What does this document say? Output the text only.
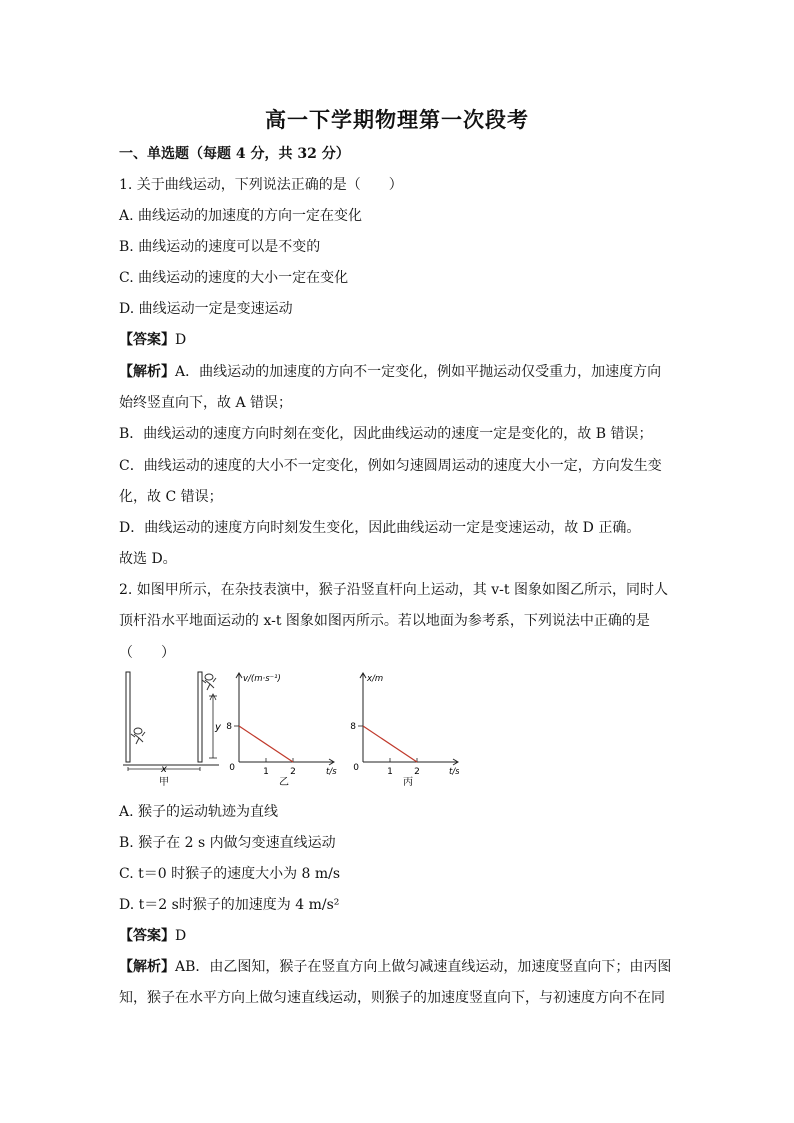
高一下学期物理第一次段考
一、单选题（每题 4 分，共 32 分）
1. 关于曲线运动，下列说法正确的是（　　）
A. 曲线运动的加速度的方向一定在变化
B. 曲线运动的速度可以是不变的
C. 曲线运动的速度的大小一定在变化
D. 曲线运动一定是变速运动
【答案】D
【解析】A．曲线运动的加速度的方向不一定变化，例如平抛运动仅受重力，加速度方向
始终竖直向下，故 A 错误；
B．曲线运动的速度方向时刻在变化，因此曲线运动的速度一定是变化的，故 B 错误；
C．曲线运动的速度的大小不一定变化，例如匀速圆周运动的速度大小一定，方向发生变
化，故 C 错误；
D．曲线运动的速度方向时刻发生变化，因此曲线运动一定是变速运动，故 D 正确。
故选 D。
2. 如图甲所示，在杂技表演中，猴子沿竖直杆向上运动，其 v-t 图象如图乙所示，同时人
顶杆沿水平地面运动的 x-t 图象如图丙所示。若以地面为参考系，下列说法中正确的是
（　　）
y
x
甲
8
0	1 2
v/(m·s⁻¹)
t/s
乙
8
0	1 2
x/m
t/s
丙
A. 猴子的运动轨迹为直线
B. 猴子在 2 s 内做匀变速直线运动
C. t＝0 时猴子的速度大小为 8 m/s
D. t＝2 s时猴子的加速度为 4 m/s²
【答案】D
【解析】AB．由乙图知，猴子在竖直方向上做匀减速直线运动，加速度竖直向下；由丙图
知，猴子在水平方向上做匀速直线运动，则猴子的加速度竖直向下，与初速度方向不在同
